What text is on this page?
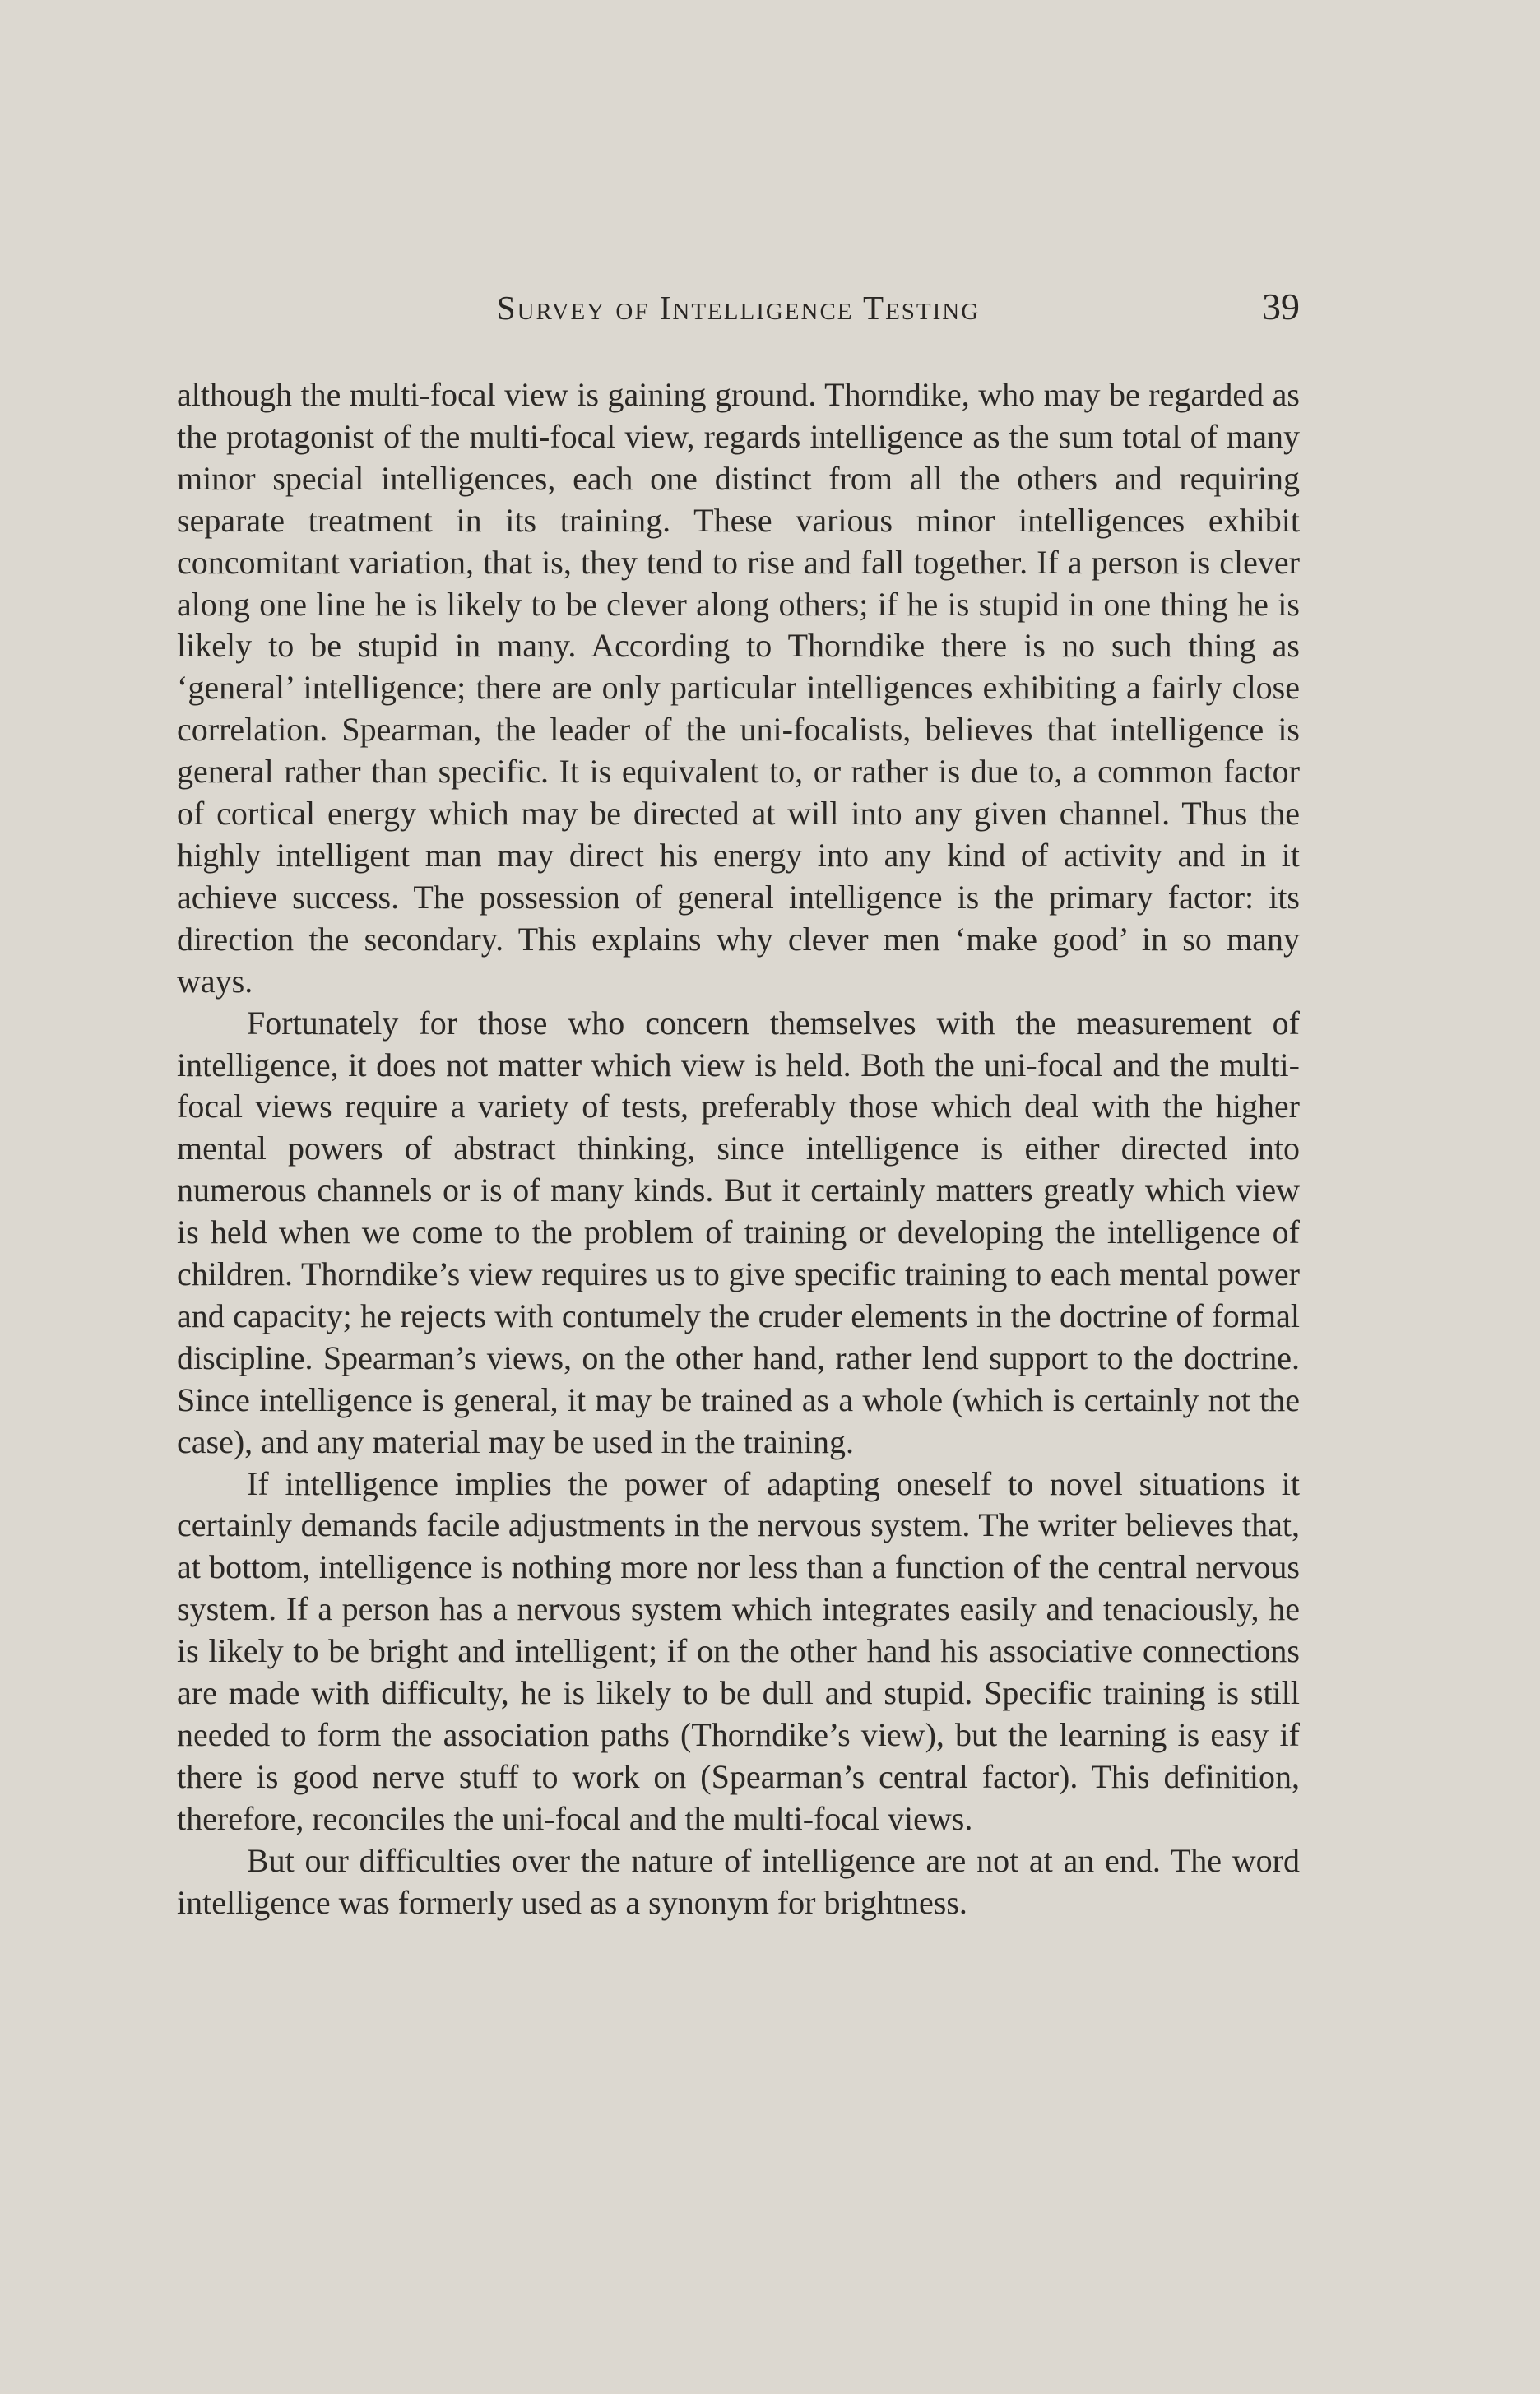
Survey of Intelligence Testing	39

although the multi-focal view is gaining ground. Thorndike, who may be regarded as the protagonist of the multi-focal view, regards intelligence as the sum total of many minor special intelligences, each one distinct from all the others and requiring separate treatment in its training. These various minor intelligences exhibit concomitant variation, that is, they tend to rise and fall together. If a person is clever along one line he is likely to be clever along others; if he is stupid in one thing he is likely to be stupid in many. According to Thorndike there is no such thing as ‘general’ intelligence; there are only particular intelligences exhibiting a fairly close correlation. Spearman, the leader of the uni-focalists, believes that intelligence is general rather than specific. It is equivalent to, or rather is due to, a common factor of cortical energy which may be directed at will into any given channel. Thus the highly intelligent man may direct his energy into any kind of activity and in it achieve success. The possession of general intelligence is the primary factor: its direction the secondary. This explains why clever men ‘make good’ in so many ways.

Fortunately for those who concern themselves with the measurement of intelligence, it does not matter which view is held. Both the uni-focal and the multi-focal views require a variety of tests, preferably those which deal with the higher mental powers of abstract thinking, since intelligence is either directed into numerous channels or is of many kinds. But it certainly matters greatly which view is held when we come to the problem of training or developing the intelligence of children. Thorndike’s view requires us to give specific training to each mental power and capacity; he rejects with contumely the cruder elements in the doctrine of formal discipline. Spearman’s views, on the other hand, rather lend support to the doctrine. Since intelligence is general, it may be trained as a whole (which is certainly not the case), and any material may be used in the training.

If intelligence implies the power of adapting oneself to novel situations it certainly demands facile adjustments in the nervous system. The writer believes that, at bottom, intelligence is nothing more nor less than a function of the central nervous system. If a person has a nervous system which integrates easily and tenaciously, he is likely to be bright and intelligent; if on the other hand his associative connections are made with difficulty, he is likely to be dull and stupid. Specific training is still needed to form the association paths (Thorndike’s view), but the learning is easy if there is good nerve stuff to work on (Spearman’s central factor). This definition, therefore, reconciles the uni-focal and the multi-focal views.

But our difficulties over the nature of intelligence are not at an end. The word intelligence was formerly used as a synonym for brightness.
